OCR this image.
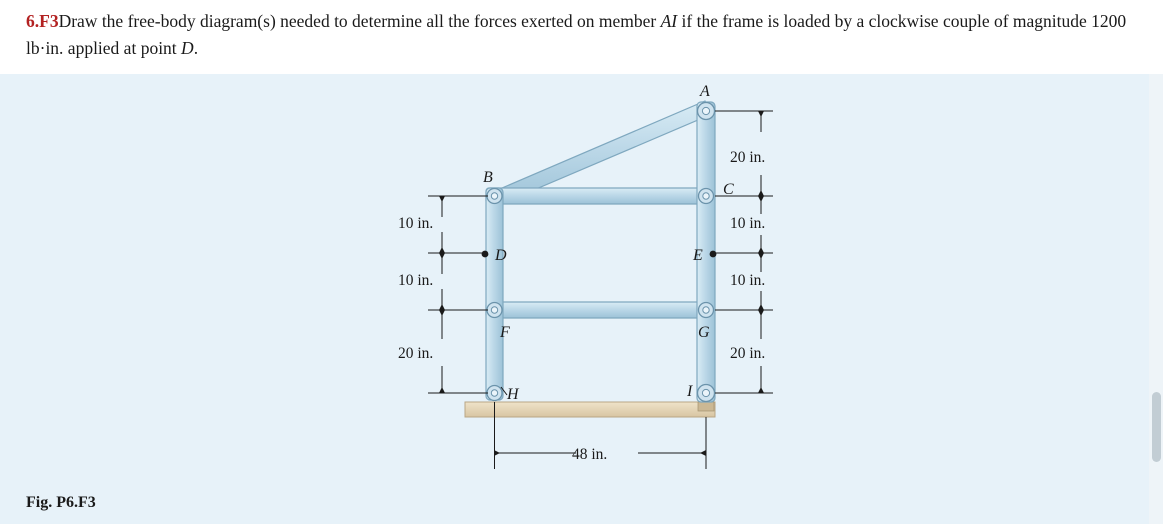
6.F3Draw the free-body diagram(s) needed to determine all the forces exerted on member AI if the frame is loaded by a clockwise couple of magnitude 1200 lb·in. applied at point D.
Fig. P6.F3
A
B
C
D	E
F	G
H	I
10 in.
10 in.
20 in.
20 in.
10 in.
10 in.
20 in.
48 in.
